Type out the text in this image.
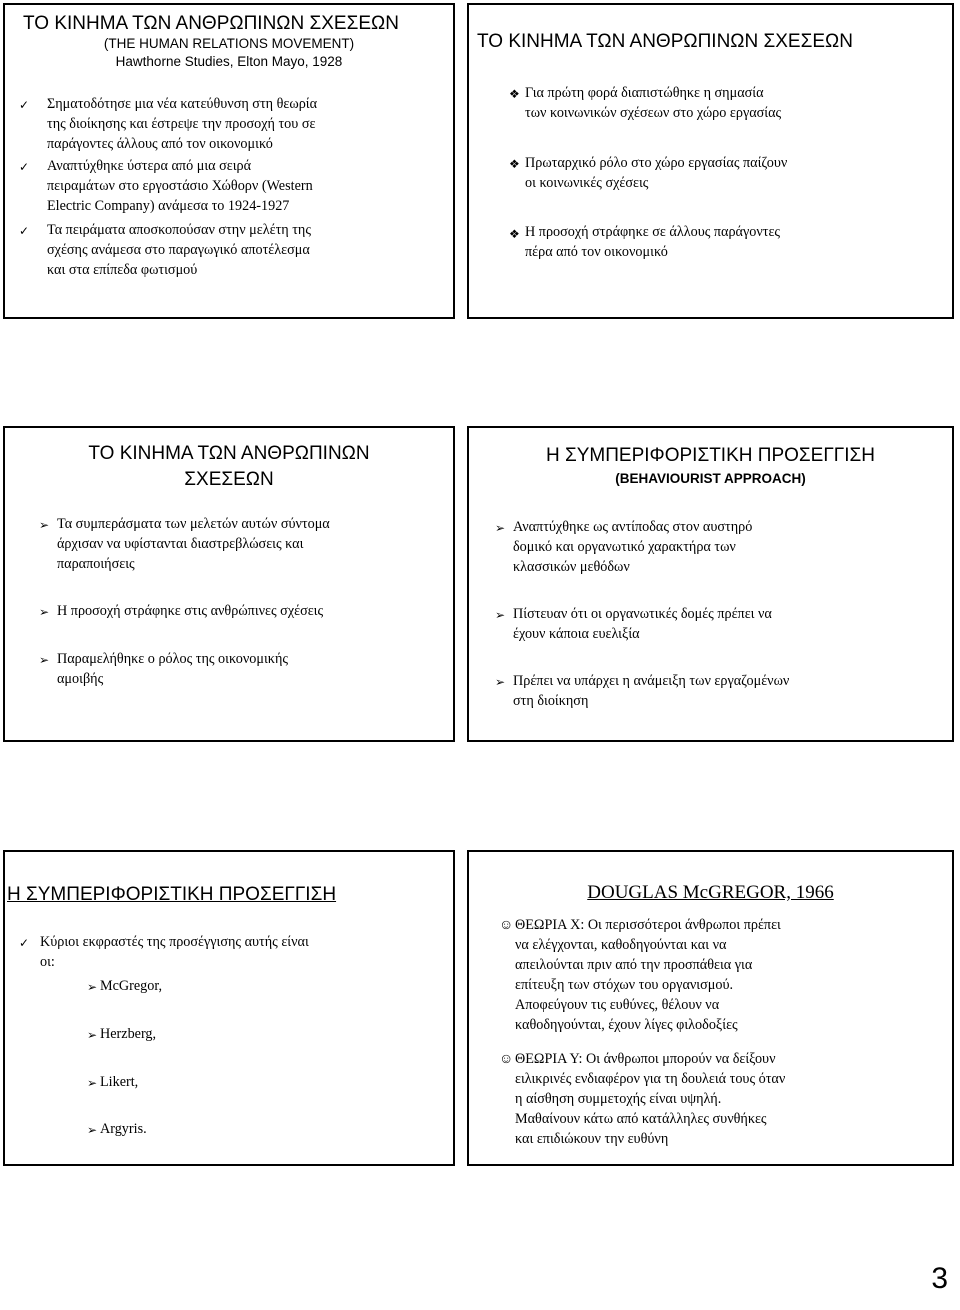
ΤΟ ΚΙΝΗΜΑ ΤΩΝ ΑΝΘΡΩΠΙΝΩΝ ΣΧΕΣΕΩΝ
(THE HUMAN RELATIONS MOVEMENT)
Hawthorne Studies, Elton Mayo, 1928
✓ Σηματοδότησε μια νέα κατεύθυνση στη θεωρία
της διοίκησης και έστρεψε την προσοχή του σε
παράγοντες άλλους από τον οικονομικό
✓ Αναπτύχθηκε ύστερα από μια σειρά
πειραμάτων στο εργοστάσιο Χώθορν (Western
Electric Company) ανάμεσα το 1924-1927
✓ Τα πειράματα αποσκοπούσαν στην μελέτη της
σχέσης ανάμεσα στο παραγωγικό αποτέλεσμα
και στα επίπεδα φωτισμού
ΤΟ ΚΙΝΗΜΑ ΤΩΝ ΑΝΘΡΩΠΙΝΩΝ ΣΧΕΣΕΩΝ
❖ Για πρώτη φορά διαπιστώθηκε η σημασία
των κοινωνικών σχέσεων στο χώρο εργασίας
❖ Πρωταρχικό ρόλο στο χώρο εργασίας παίζουν
οι κοινωνικές σχέσεις
❖ Η προσοχή στράφηκε σε άλλους παράγοντες
πέρα από τον οικονομικό
ΤΟ ΚΙΝΗΜΑ ΤΩΝ ΑΝΘΡΩΠΙΝΩΝ
ΣΧΕΣΕΩΝ
➢ Τα συμπεράσματα των μελετών αυτών σύντομα
άρχισαν να υφίστανται διαστρεβλώσεις και
παραποιήσεις
➢ Η προσοχή στράφηκε στις ανθρώπινες σχέσεις
➢ Παραμελήθηκε ο ρόλος της οικονομικής
αμοιβής
Η ΣΥΜΠΕΡΙΦΟΡΙΣΤΙΚΗ ΠΡΟΣΕΓΓΙΣΗ
(BEHAVIOURIST APPROACH)
➢ Αναπτύχθηκε ως αντίποδας στον αυστηρό
δομικό και οργανωτικό χαρακτήρα των
κλασσικών μεθόδων
➢ Πίστευαν ότι οι οργανωτικές δομές πρέπει να
έχουν κάποια ευελιξία
➢ Πρέπει να υπάρχει η ανάμειξη των εργαζομένων
στη διοίκηση
Η ΣΥΜΠΕΡΙΦΟΡΙΣΤΙΚΗ ΠΡΟΣΕΓΓΙΣΗ
✓ Κύριοι εκφραστές της προσέγγισης αυτής είναι
οι:
➢ McGregor,
➢ Herzberg,
➢ Likert,
➢ Argyris.
DOUGLAS McGREGOR, 1966
☺ ΘΕΩΡΙΑ Χ: Οι περισσότεροι άνθρωποι πρέπει
να ελέγχονται, καθοδηγούνται και να
απειλούνται πριν από την προσπάθεια για
επίτευξη των στόχων του οργανισμού.
Αποφεύγουν τις ευθύνες, θέλουν να
καθοδηγούνται, έχουν λίγες φιλοδοξίες
☺ ΘΕΩΡΙΑ Υ: Οι άνθρωποι μπορούν να δείξουν
ειλικρινές ενδιαφέρον για τη δουλειά τους όταν
η αίσθηση συμμετοχής είναι υψηλή.
Μαθαίνουν κάτω από κατάλληλες συνθήκες
και επιδιώκουν την ευθύνη
3
